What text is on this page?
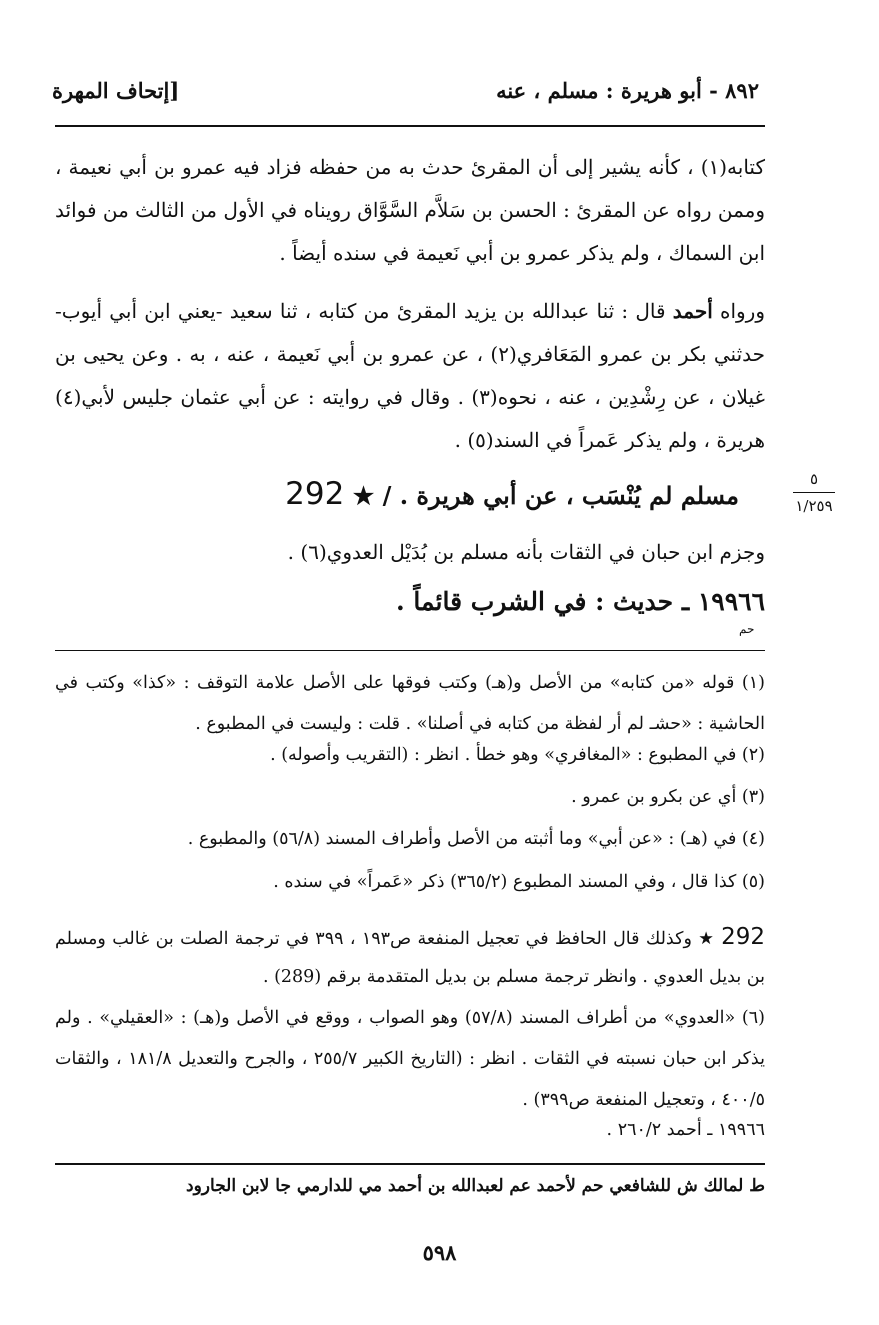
[إتحاف المهرة	٨٩٢ - أبو هريرة : مسلم ، عنه
كتابه(١) ، كأنه يشير إلى أن المقرئ حدث به من حفظه فزاد فيه عمرو بن أبي نعيمة ، وممن رواه عن المقرئ : الحسن بن سَلاَّم السَّوَّاق رويناه في الأول من الثالث من فوائد ابن السماك ، ولم يذكر عمرو بن أبي نَعيمة في سنده أيضاً .
ورواه أحمد قال : ثنا عبدالله بن يزيد المقرئ من كتابه ، ثنا سعيد -يعني ابن أبي أيوب- حدثني بكر بن عمرو المَعَافري(٢) ، عن عمرو بن أبي نَعيمة ، عنه ، به . وعن يحيى بن غيلان ، عن رِشْدِين ، عنه ، نحوه(٣) . وقال في روايته : عن أبي عثمان جليس لأبي(٤) هريرة ، ولم يذكر عَمراً في السند(٥) .
٥
١/٢٥٩
292 ★ / مسلم لم يُنْسَب ، عن أبي هريرة .
وجزم ابن حبان في الثقات بأنه مسلم بن بُدَيْل العدوي(٦) .
١٩٩٦٦ ـ حديث : في الشرب قائماً .
حم
(١) قوله «من كتابه» من الأصل و(هـ) وكتب فوقها على الأصل علامة التوقف : «كذا» وكتب في الحاشية : «حشـ لم أر لفظة من كتابه في أصلنا» . قلت : وليست في المطبوع .
(٢) في المطبوع : «المغافري» وهو خطأ . انظر : (التقريب وأصوله) .
(٣) أي عن بكرو بن عمرو .
(٤) في (هـ) : «عن أبي» وما أثبته من الأصل وأطراف المسند (٥٦/٨) والمطبوع .
(٥) كذا قال ، وفي المسند المطبوع (٣٦٥/٢) ذكر «عَمراً» في سنده .
292 ★ وكذلك قال الحافظ في تعجيل المنفعة ص١٩٣ ، ٣٩٩ في ترجمة الصلت بن غالب ومسلم بن بديل العدوي . وانظر ترجمة مسلم بن بديل المتقدمة برقم (289) .
(٦) «العدوي» من أطراف المسند (٥٧/٨) وهو الصواب ، ووقع في الأصل و(هـ) : «العقيلي» . ولم يذكر ابن حبان نسبته في الثقات . انظر : (التاريخ الكبير ٢٥٥/٧ ، والجرح والتعديل ١٨١/٨ ، والثقات ٤٠٠/٥ ، وتعجيل المنفعة ص٣٩٩) .
١٩٩٦٦ ـ أحمد ٢٦٠/٢ .
ط لمالك ش للشافعي حم لأحمد عم لعبدالله بن أحمد مي للدارمي جا لابن الجارود
٥٩٨
